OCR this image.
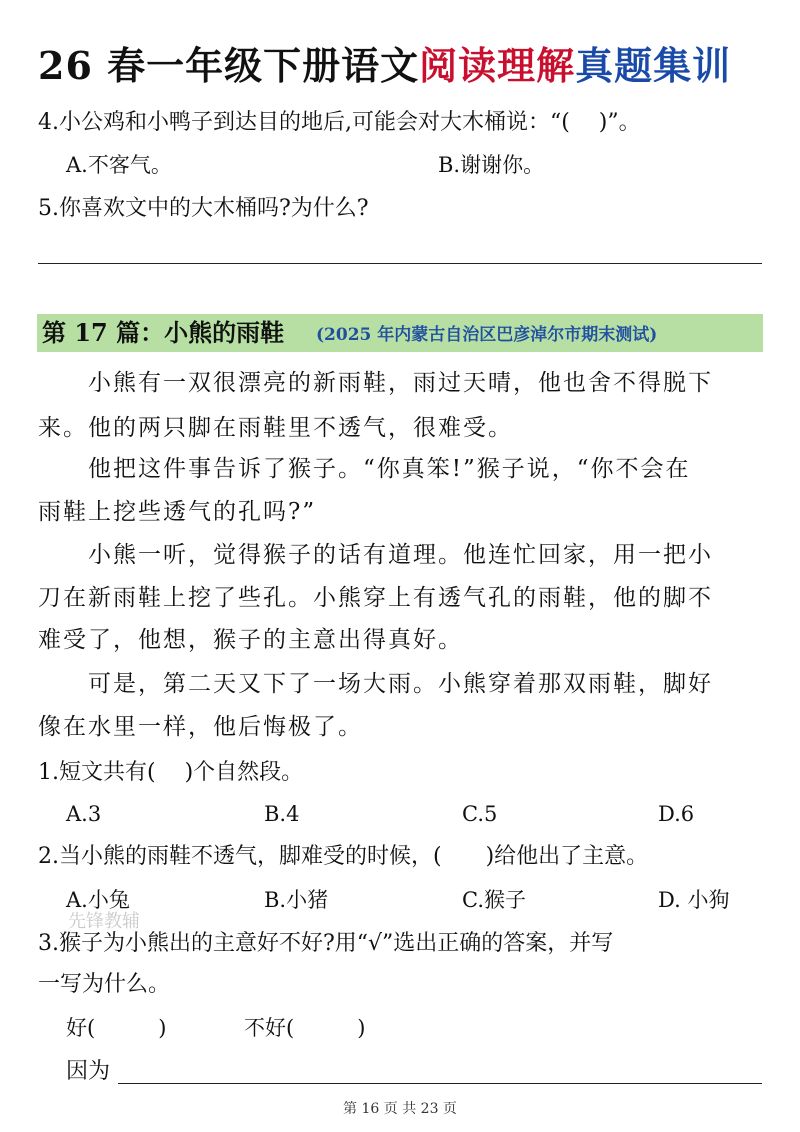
26 春一年级下册语文阅读理解真题集训
4.小公鸡和小鸭子到达目的地后,可能会对大木桶说：“(　 )”。
A.不客气。	B.谢谢你。
5.你喜欢文中的大木桶吗?为什么?
第 17 篇：小熊的雨鞋 (2025 年内蒙古自治区巴彦淖尔市期末测试)
　　小熊有一双很漂亮的新雨鞋，雨过天晴，他也舍不得脱下
来。他的两只脚在雨鞋里不透气，很难受。
　　他把这件事告诉了猴子。“你真笨!”猴子说，“你不会在
雨鞋上挖些透气的孔吗?”
　　小熊一听，觉得猴子的话有道理。他连忙回家，用一把小
刀在新雨鞋上挖了些孔。小熊穿上有透气孔的雨鞋，他的脚不
难受了，他想，猴子的主意出得真好。
　　可是，第二天又下了一场大雨。小熊穿着那双雨鞋，脚好
像在水里一样，他后悔极了。
1.短文共有(　 )个自然段。
A.3	B.4	C.5	D.6
2.当小熊的雨鞋不透气，脚难受的时候，(　　)给他出了主意。
A.小兔	B.小猪	C.猴子	D. 小狗
先锋教辅
3.猴子为小熊出的主意好不好?用“√”选出正确的答案，并写
一写为什么。
好(　　　)	不好(　　　)
因为
第 16 页 共 23 页
